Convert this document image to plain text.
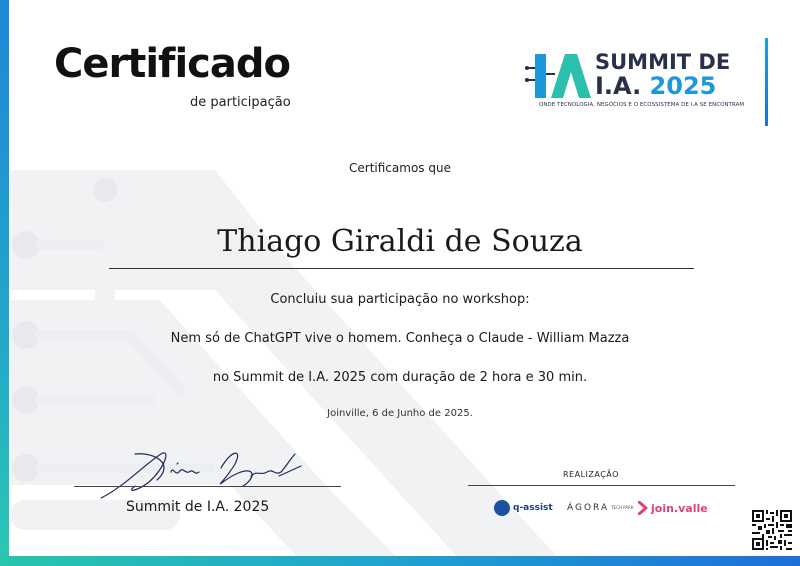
Certificado
de participação
SUMMIT DE
I.A. 2025
ONDE TECNOLOGIA, NEGÓCIOS E O ECOSSISTEMA DE I.A SE ENCONTRAM
Certificamos que
Thiago Giraldi de Souza
Concluiu sua participação no workshop:
Nem só de ChatGPT vive o homem. Conheça o Claude - William Mazza
no Summit de I.A. 2025 com duração de 2 hora e 30 min.
Joinville, 6 de Junho de 2025.
Summit de I.A. 2025
REALIZAÇÃO
q-assist ÁGORA TECH PARK join.valle
